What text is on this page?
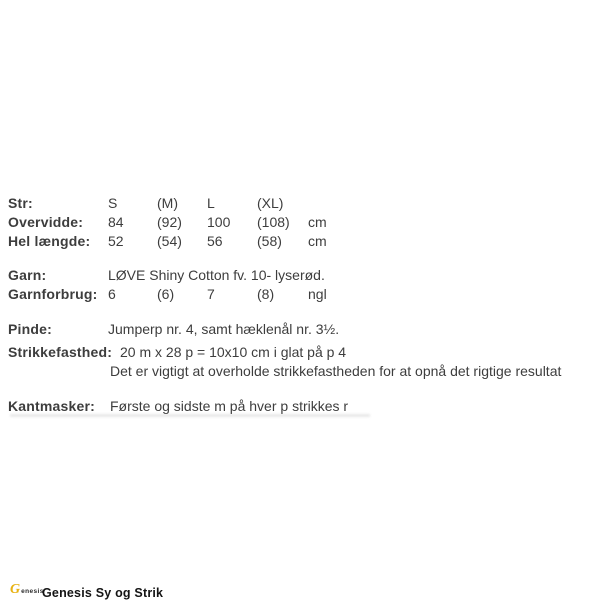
Str:	S	(M) L	(XL)
Overvidde: 84 (92) 100 (108) cm
Hel længde: 52 (54) 56 (58) cm
Garn:	LØVE Shiny Cotton fv. 10- lyserød.
Garnforbrug: 6	(6) 7	(8) ngl
Pinde:	Jumperp nr. 4, samt hæklenål nr. 3½.
Strikkefasthed: 20 m x 28 p = 10x10 cm i glat på p 4
Det er vigtigt at overholde strikkefastheden for at opnå det rigtige resultat
Kantmasker: Første og sidste m på hver p strikkes r
G enesis
Genesis Sy og Strik
